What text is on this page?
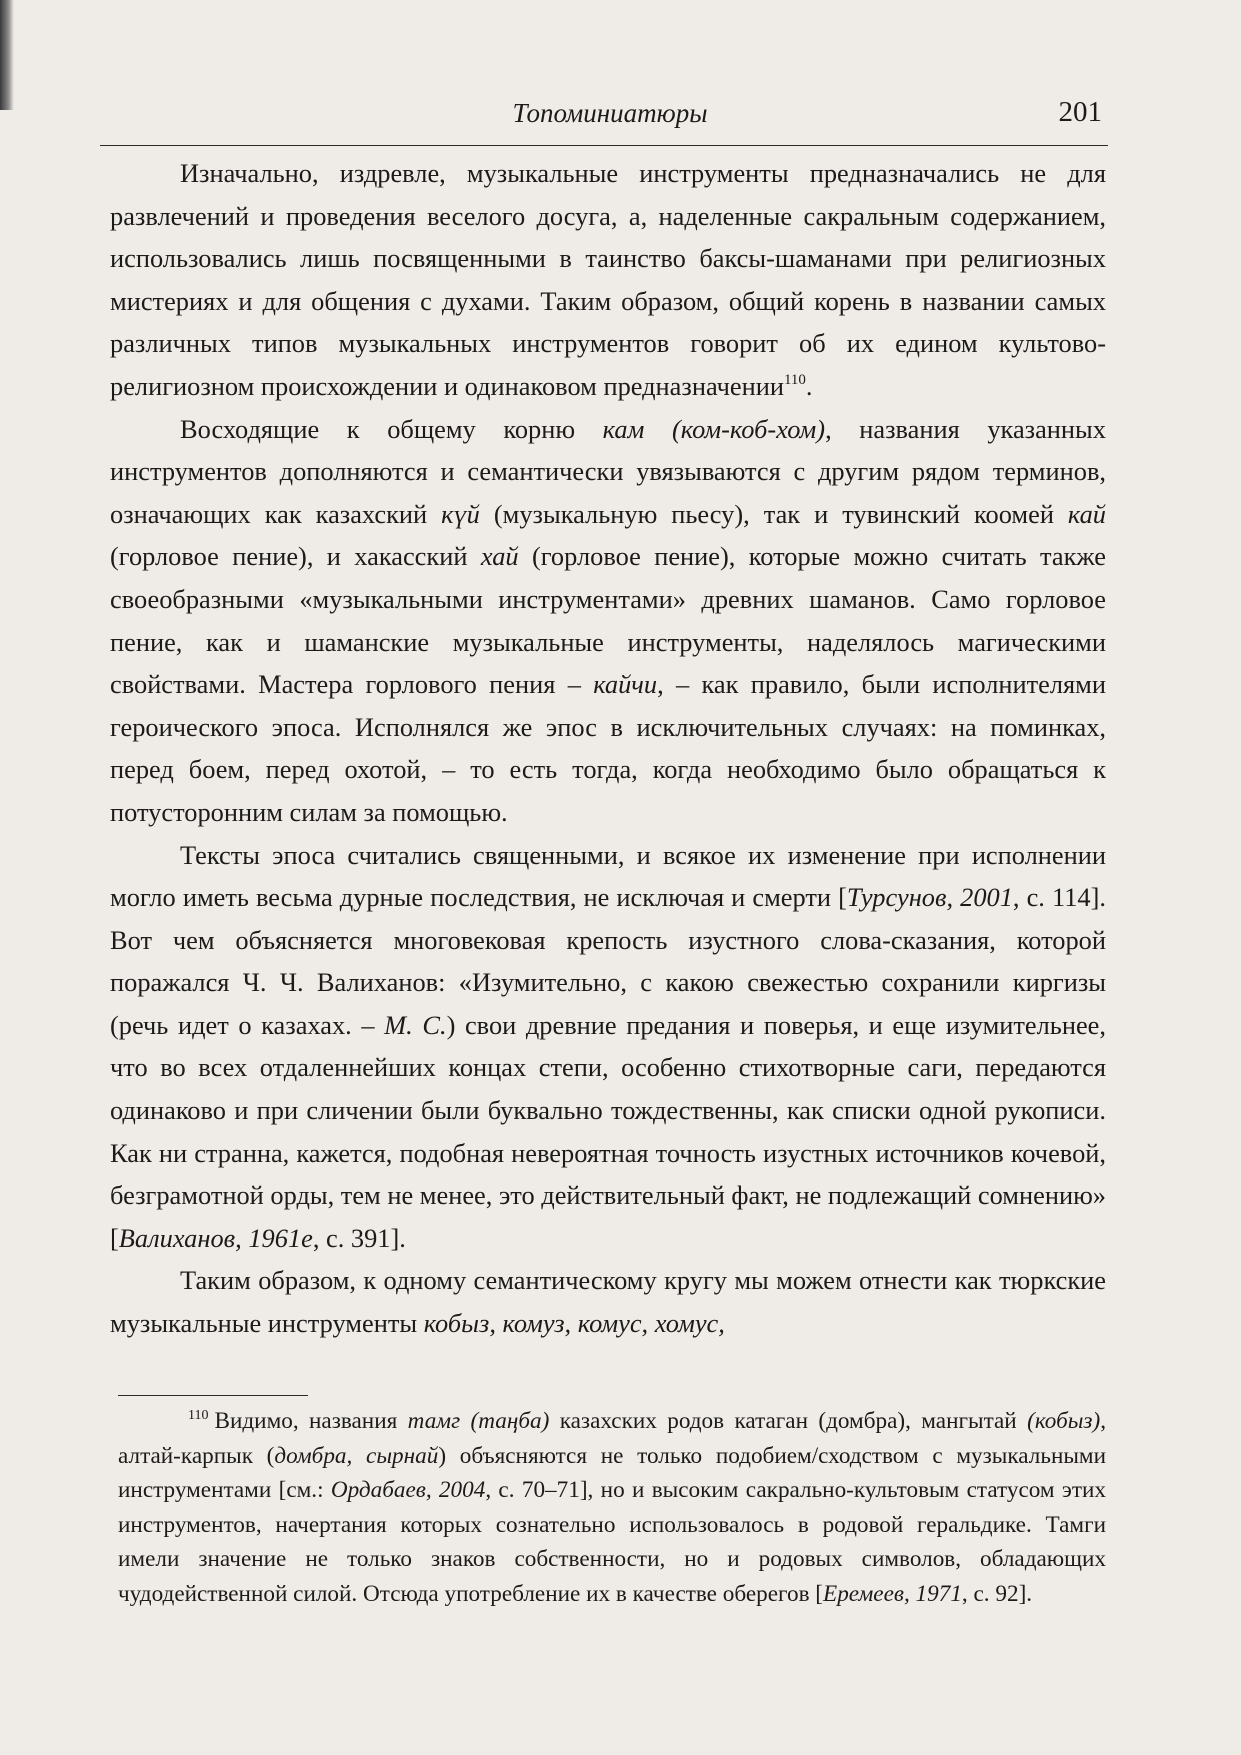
Топоминиатюры	201

Изначально, издревле, музыкальные инструменты предназначались не для развлечений и проведения веселого досуга, а, наделенные сакральным содержанием, использовались лишь посвященными в таинство баксы-шаманами при религиозных мистериях и для общения с духами. Таким образом, общий корень в названии самых различных типов музыкальных инструментов говорит об их едином культово-религиозном происхождении и одинаковом предназначении$^{110}$.

Восходящие к общему корню кам (ком-коб-хом), названия указанных инструментов дополняются и семантически увязываются с другим рядом терминов, означающих как казахский күй (музыкальную пьесу), так и тувинский коомей кай (горловое пение), и хакасский хай (горловое пение), которые можно считать также своеобразными «музыкальными инструментами» древних шаманов. Само горловое пение, как и шаманские музыкальные инструменты, наделялось магическими свойствами. Мастера горлового пения – кайчи, – как правило, были исполнителями героического эпоса. Исполнялся же эпос в исключительных случаях: на поминках, перед боем, перед охотой, – то есть тогда, когда необходимо было обращаться к потусторонним силам за помощью.

Тексты эпоса считались священными, и всякое их изменение при исполнении могло иметь весьма дурные последствия, не исключая и смерти [Турсунов, 2001, с. 114]. Вот чем объясняется многовековая крепость изустного слова-сказания, которой поражался Ч. Ч. Валиханов: «Изумительно, с какою свежестью сохранили киргизы (речь идет о казахах. – М. С.) свои древние предания и поверья, и еще изумительнее, что во всех отдаленнейших концах степи, особенно стихотворные саги, передаются одинаково и при сличении были буквально тождественны, как списки одной рукописи. Как ни странна, кажется, подобная невероятная точность изустных источников кочевой, безграмотной орды, тем не менее, это действительный факт, не подлежащий сомнению» [Валиханов, 1961е, с. 391].

Таким образом, к одному семантическому кругу мы можем отнести как тюркские музыкальные инструменты кобыз, комуз, комус, хомус,

$^{110}$ Видимо, названия тамг (таңба) казахских родов катаган (домбра), мангытай (кобыз), алтай-карпык (домбра, сырнай) объясняются не только подобием/сходством с музыкальными инструментами [см.: Ордабаев, 2004, с. 70–71], но и высоким сакрально-культовым статусом этих инструментов, начертания которых сознательно использовалось в родовой геральдике. Тамги имели значение не только знаков собственности, но и родовых символов, обладающих чудодейственной силой. Отсюда употребление их в качестве оберегов [Еремеев, 1971, с. 92].
